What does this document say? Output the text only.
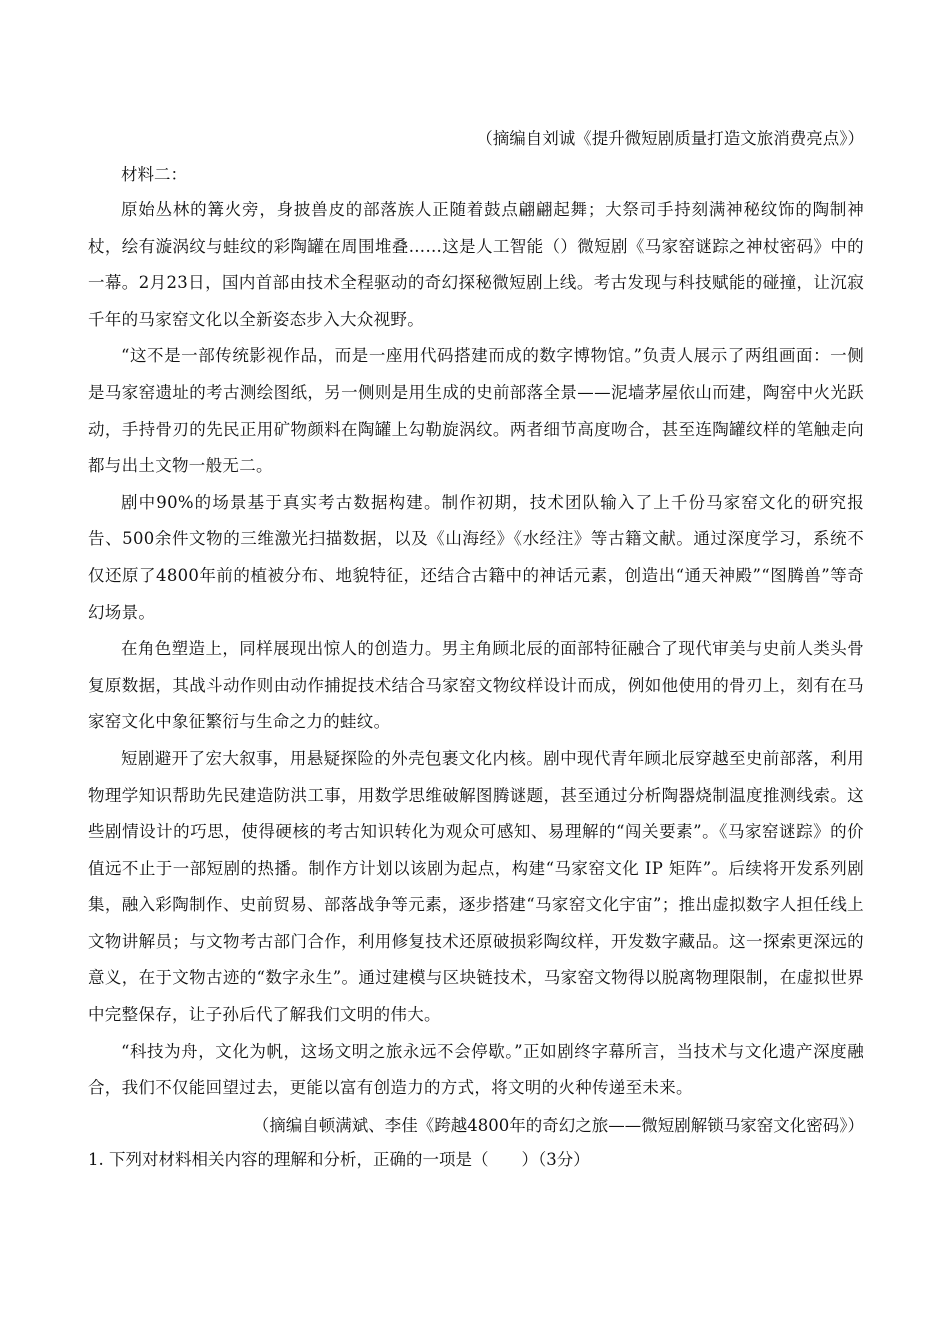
（摘编自刘诚《提升微短剧质量打造文旅消费亮点》）

材料二：

原始丛林的篝火旁，身披兽皮的部落族人正随着鼓点翩翩起舞；大祭司手持刻满神秘纹饰的陶制神杖，绘有漩涡纹与蛙纹的彩陶罐在周围堆叠……这是人工智能（）微短剧《马家窑谜踪之神杖密码》中的一幕。2月23日，国内首部由技术全程驱动的奇幻探秘微短剧上线。考古发现与科技赋能的碰撞，让沉寂千年的马家窑文化以全新姿态步入大众视野。

“这不是一部传统影视作品，而是一座用代码搭建而成的数字博物馆。”负责人展示了两组画面：一侧是马家窑遗址的考古测绘图纸，另一侧则是用生成的史前部落全景——泥墙茅屋依山而建，陶窑中火光跃动，手持骨刃的先民正用矿物颜料在陶罐上勾勒旋涡纹。两者细节高度吻合，甚至连陶罐纹样的笔触走向都与出土文物一般无二。

剧中90%的场景基于真实考古数据构建。制作初期，技术团队输入了上千份马家窑文化的研究报告、500余件文物的三维激光扫描数据，以及《山海经》《水经注》等古籍文献。通过深度学习，系统不仅还原了4800年前的植被分布、地貌特征，还结合古籍中的神话元素，创造出“通天神殿”“图腾兽”等奇幻场景。

在角色塑造上，同样展现出惊人的创造力。男主角顾北辰的面部特征融合了现代审美与史前人类头骨复原数据，其战斗动作则由动作捕捉技术结合马家窑文物纹样设计而成，例如他使用的骨刃上，刻有在马家窑文化中象征繁衍与生命之力的蛙纹。

短剧避开了宏大叙事，用悬疑探险的外壳包裹文化内核。剧中现代青年顾北辰穿越至史前部落，利用物理学知识帮助先民建造防洪工事，用数学思维破解图腾谜题，甚至通过分析陶器烧制温度推测线索。这些剧情设计的巧思，使得硬核的考古知识转化为观众可感知、易理解的“闯关要素”。《马家窑谜踪》的价值远不止于一部短剧的热播。制作方计划以该剧为起点，构建“马家窑文化 IP 矩阵”。后续将开发系列剧集，融入彩陶制作、史前贸易、部落战争等元素，逐步搭建“马家窑文化宇宙”；推出虚拟数字人担任线上文物讲解员；与文物考古部门合作，利用修复技术还原破损彩陶纹样，开发数字藏品。这一探索更深远的意义，在于文物古迹的“数字永生”。通过建模与区块链技术，马家窑文物得以脱离物理限制，在虚拟世界中完整保存，让子孙后代了解我们文明的伟大。

“科技为舟，文化为帆，这场文明之旅永远不会停歇。”正如剧终字幕所言，当技术与文化遗产深度融合，我们不仅能回望过去，更能以富有创造力的方式，将文明的火种传递至未来。

（摘编自顿满斌、李佳《跨越4800年的奇幻之旅——微短剧解锁马家窑文化密码》）

1. 下列对材料相关内容的理解和分析，正确的一项是（　　）（3分）
